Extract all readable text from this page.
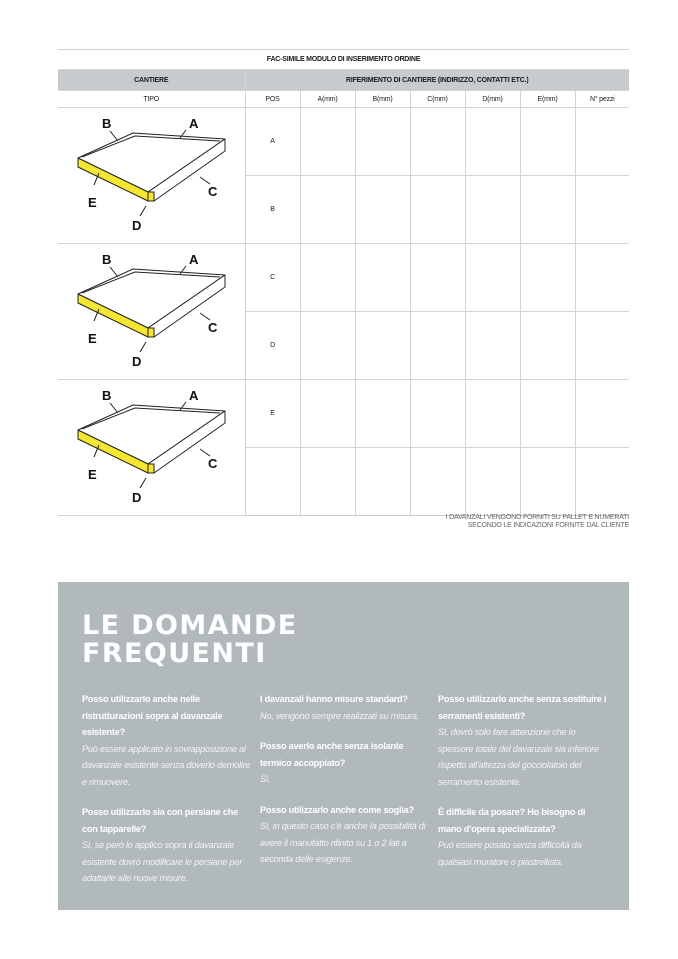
FAC-SIMILE MODULO DI INSERIMENTO ORDINE
CANTIERE	RIFERIMENTO DI CANTIERE (INDIRIZZO, CONTATTI ETC.)						
TIPO	POS	A(mm)	B(mm)	C(mm)	D(mm)	E(mm)	N° pezzi

B A
C
E
D	A						
	B						

B A
C
E
D	C						
	D						

B A
C
E
D	E						

I DAVANZALI VENGONO FORNITI SU PALLET E NUMERATI
SECONDO LE INDICAZIONI FORNITE DAL CLIENTE
LE DOMANDE
FREQUENTI
Posso utilizzarlo anche nelle ristrutturazioni sopra al davanzale esistente?
Può essere applicato in sovrapposizione al davanzale esistente senza doverlo demolire e rimuovere.
Posso utilizzarlo sia con persiane che con tapparelle?
Sì, se però lo applico sopra il davanzale esistente dovrò modificare le persiane per adattarle alle nuove misure.
I davanzali hanno misure standard?
No, vengono sempre realizzati su misura.
Posso averlo anche senza isolante termico accoppiato?
Sì.
Posso utilizzarlo anche come soglia?
Sì, in questo caso c'è anche la possibilità di avere il manufatto rifinito su 1 o 2 lati a seconda delle esigenze.
Posso utilizzarlo anche senza sostituire i serramenti esistenti?
Sì, dovrò solo fare attenzione che lo spessore totale del davanzale sia inferiore rispetto all'altezza del gocciolatoio del serramento esistente.
È difficile da posare? Ho bisogno di mano d'opera specializzata?
Può essere posato senza difficoltà da qualsiasi muratore o piastrellista.
